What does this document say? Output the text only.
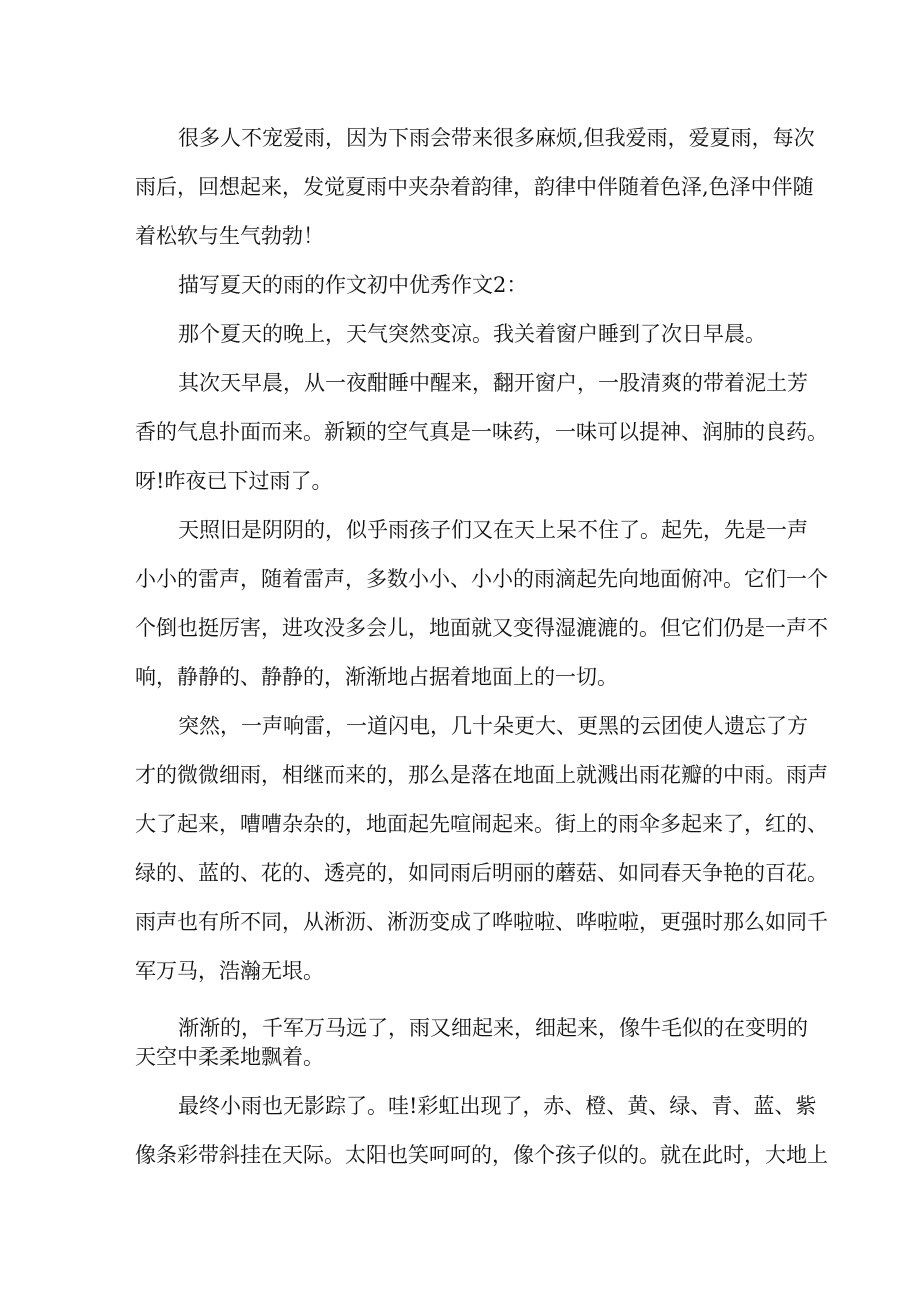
很多人不宠爱雨，因为下雨会带来很多麻烦,但我爱雨，爱夏雨，每次

雨后，回想起来，发觉夏雨中夹杂着韵律，韵律中伴随着色泽,色泽中伴随

着松软与生气勃勃！

描写夏天的雨的作文初中优秀作文2：

那个夏天的晚上，天气突然变凉。我关着窗户睡到了次日早晨。

其次天早晨，从一夜酣睡中醒来，翻开窗户，一股清爽的带着泥土芳

香的气息扑面而来。新颖的空气真是一味药，一味可以提神、润肺的良药。

呀!昨夜已下过雨了。

天照旧是阴阴的，似乎雨孩子们又在天上呆不住了。起先，先是一声

小小的雷声，随着雷声，多数小小、小小的雨滴起先向地面俯冲。它们一个

个倒也挺厉害，进攻没多会儿，地面就又变得湿漉漉的。但它们仍是一声不

响，静静的、静静的，渐渐地占据着地面上的一切。

突然，一声响雷，一道闪电，几十朵更大、更黑的云团使人遗忘了方

才的微微细雨，相继而来的，那么是落在地面上就溅出雨花瓣的中雨。雨声

大了起来，嘈嘈杂杂的，地面起先喧闹起来。街上的雨伞多起来了，红的、

绿的、蓝的、花的、透亮的，如同雨后明丽的蘑菇、如同春天争艳的百花。

雨声也有所不同，从淅沥、淅沥变成了哗啦啦、哗啦啦，更强时那么如同千

军万马，浩瀚无垠。

渐渐的，千军万马远了，雨又细起来，细起来，像牛毛似的在变明的

天空中柔柔地飘着。

最终小雨也无影踪了。哇!彩虹出现了，赤、橙、黄、绿、青、蓝、紫

像条彩带斜挂在天际。太阳也笑呵呵的，像个孩子似的。就在此时，大地上
